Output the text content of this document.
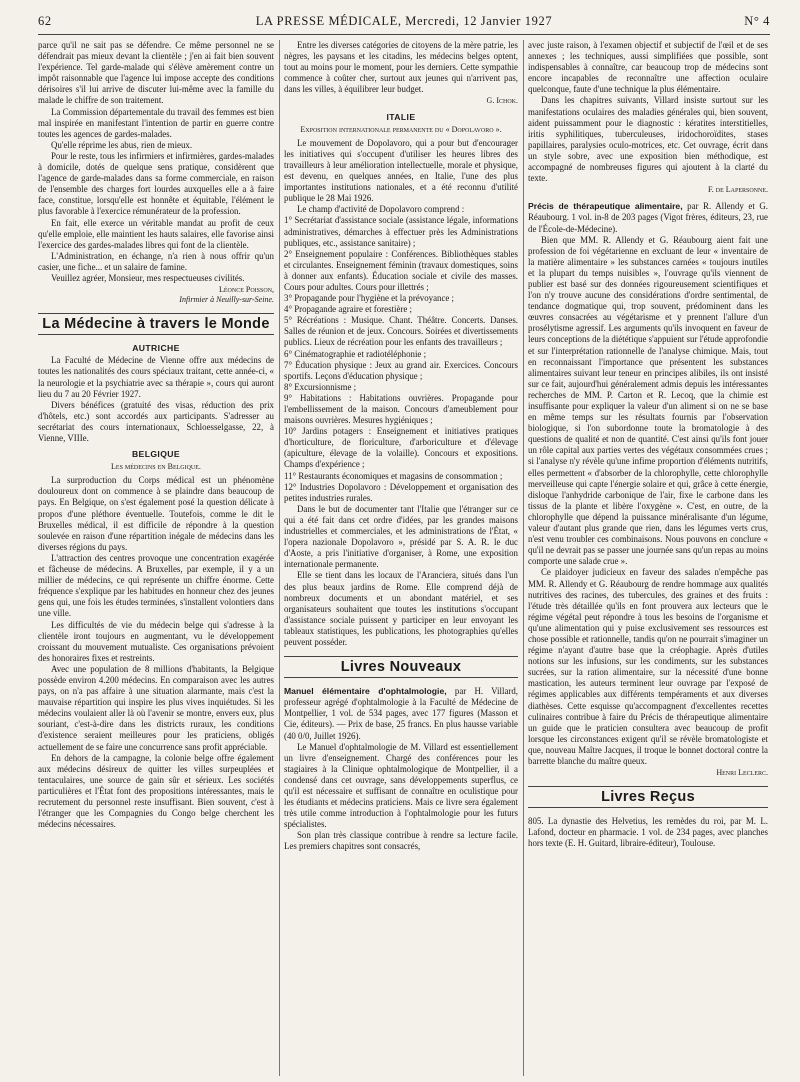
62	LA PRESSE MÉDICALE, Mercredi, 12 Janvier 1927	N° 4

parce qu'il ne sait pas se défendre. Ce même personnel ne se défendrait pas mieux devant la clientèle ; j'en ai fait bien souvent l'expérience. Tel garde-malade qui s'élève amèrement contre un impôt raisonnable que l'agence lui impose accepte des conditions dérisoires s'il lui arrive de discuter lui-même avec la famille du malade le chiffre de son traitement.

La Commission départementale du travail des femmes est bien mal inspirée en manifestant l'intention de partir en guerre contre toutes les agences de gardes-malades.

Qu'elle réprime les abus, rien de mieux.

Pour le reste, tous les infirmiers et infirmières, gardes-malades à domicile, dotés de quelque sens pratique, considèrent que l'agence de garde-malades dans sa forme commerciale, en raison de l'ensemble des charges fort lourdes auxquelles elle a à faire face, constitue, lorsqu'elle est honnête et équitable, l'élément le plus favorable à l'exercice rémunérateur de la profession.

En fait, elle exerce un véritable mandat au profit de ceux qu'elle emploie, elle maintient les hauts salaires, elle favorise ainsi l'exercice des gardes-malades libres qui font de la clientèle.

L'Administration, en échange, n'a rien à nous offrir qu'un casier, une fiche... et un salaire de famine.

Veuillez agréer, Monsieur, mes respectueuses civilités.

Léonce Poisson,

Infirmier à Neuilly-sur-Seine.

La Médecine à travers le Monde
AUTRICHE

La Faculté de Médecine de Vienne offre aux médecins de toutes les nationalités des cours spéciaux traitant, cette année-ci, « la neurologie et la psychiatrie avec sa thérapie », cours qui auront lieu du 7 au 20 Février 1927.

Divers bénéfices (gratuité des visas, réduction des prix d'hôtels, etc.) sont accordés aux participants. S'adresser au secrétariat des cours internationaux, Schloesselgasse, 22, à Vienne, VIIIe.

BELGIQUE

Les médecins en Belgique.

La surproduction du Corps médical est un phénomène douloureux dont on commence à se plaindre dans beaucoup de pays. En Belgique, on s'est également posé la question délicate à propos d'une pléthore éventuelle. Toutefois, comme le dit le Bruxelles médical, il est difficile de répondre à la question soulevée en raison d'une répartition inégale de médecins dans les diverses régions du pays.

L'attraction des centres provoque une concentration exagérée et fâcheuse de médecins. A Bruxelles, par exemple, il y a un millier de médecins, ce qui représente un chiffre énorme. Cette fréquence s'explique par les habitudes en honneur chez des jeunes gens qui, une fois les études terminées, s'installent volontiers dans une ville.

Les difficultés de vie du médecin belge qui s'adresse à la clientèle iront toujours en augmentant, vu le développement croissant du mouvement mutualiste. Ces organisations prévoient des honoraires fixes et restreints.

Avec une population de 8 millions d'habitants, la Belgique possède environ 4.200 médecins. En comparaison avec les autres pays, on n'a pas affaire à une situation alarmante, mais c'est la mauvaise répartition qui inspire les plus vives inquiétudes. Si les médecins voulaient aller là où l'avenir se montre, envers eux, plus souriant, c'est-à-dire dans les districts ruraux, les conditions d'existence seraient meilleures pour les praticiens, obligés actuellement de se faire une concurrence sans profit appréciable.

En dehors de la campagne, la colonie belge offre également aux médecins désireux de quitter les villes surpeuplées et tentaculaires, une source de gain sûr et sérieux. Les sociétés particulières et l'État font des propositions intéressantes, mais le recrutement du personnel reste insuffisant. Bien souvent, c'est à l'étranger que les Compagnies du Congo belge cherchent les médecins nécessaires.

Entre les diverses catégories de citoyens de la mère patrie, les nègres, les paysans et les citadins, les médecins belges optent, tout au moins pour le moment, pour les derniers. Cette sympathie commence à coûter cher, surtout aux jeunes qui n'arrivent pas, dans les villes, à équilibrer leur budget.

G. Ichok.

ITALIE

Exposition internationale permanente du « Dopolavoro ».

Le mouvement de Dopolavoro, qui a pour but d'encourager les initiatives qui s'occupent d'utiliser les heures libres des travailleurs à leur amélioration intellectuelle, morale et physique, est devenu, en quelques années, en Italie, l'une des plus importantes institutions nationales, et a été reconnu d'utilité publique le 28 Mai 1926.

Le champ d'activité de Dopolavoro comprend :

1° Secrétariat d'assistance sociale (assistance légale, informations administratives, démarches à effectuer près les Administrations publiques, etc., assistance sanitaire) ;

2° Enseignement populaire : Conférences. Bibliothèques stables et circulantes. Enseignement féminin (travaux domestiques, soins à donner aux enfants). Éducation sociale et civile des masses. Cours pour adultes. Cours pour illettrés ;

3° Propagande pour l'hygiène et la prévoyance ;

4° Propagande agraire et forestière ;

5° Récréations : Musique. Chant. Théâtre. Concerts. Danses. Salles de réunion et de jeux. Concours. Soirées et divertissements publics. Lieux de récréation pour les enfants des travailleurs ;

6° Cinématographie et radiotéléphonie ;

7° Éducation physique : Jeux au grand air. Exercices. Concours sportifs. Leçons d'éducation physique ;

8° Excursionnisme ;

9° Habitations : Habitations ouvrières. Propagande pour l'embellissement de la maison. Concours d'ameublement pour maisons ouvrières. Mesures hygiéniques ;

10° Jardins potagers : Enseignement et initiatives pratiques d'horticulture, de floriculture, d'arboriculture et d'élevage (apiculture, élevage de la volaille). Concours et expositions. Champs d'expérience ;

11° Restaurants économiques et magasins de consommation ;

12° Industries Dopolavoro : Développement et organisation des petites industries rurales.

Dans le but de documenter tant l'Italie que l'étranger sur ce qui a été fait dans cet ordre d'idées, par les grandes maisons industrielles et commerciales, et les administrations de l'État, « l'opera nazionale Dopolavoro », présidé par S. A. R. le duc d'Aoste, a pris l'initiative d'organiser, à Rome, une exposition internationale permanente.

Elle se tient dans les locaux de l'Aranciera, situés dans l'un des plus beaux jardins de Rome. Elle comprend déjà de nombreux documents et un abondant matériel, et ses organisateurs souhaitent que toutes les institutions s'occupant d'assistance sociale puissent y participer en leur envoyant les tableaux statistiques, les publications, les photographies qu'elles peuvent posséder.

Livres Nouveaux

Manuel élémentaire d'ophtalmologie, par H. Villard, professeur agrégé d'ophtalmologie à la Faculté de Médecine de Montpellier, 1 vol. de 534 pages, avec 177 figures (Masson et Cie, éditeurs). — Prix de base, 25 francs. En plus hausse variable (40 0/0, Juillet 1926).

Le Manuel d'ophtalmologie de M. Villard est essentiellement un livre d'enseignement. Chargé des conférences pour les stagiaires à la Clinique ophtalmologique de Montpellier, il a condensé dans cet ouvrage, sans développements superflus, ce qu'il est nécessaire et suffisant de connaître en oculistique pour les étudiants et médecins praticiens. Mais ce livre sera également très utile comme introduction à l'ophtalmologie pour les futurs spécialistes.

Son plan très classique contribue à rendre sa lecture facile. Les premiers chapitres sont consacrés,

avec juste raison, à l'examen objectif et subjectif de l'œil et de ses annexes ; les techniques, aussi simplifiées que possible, sont indispensables à connaître, car beaucoup trop de médecins sont encore incapables de reconnaître une affection oculaire quelconque, faute d'une technique la plus élémentaire.

Dans les chapitres suivants, Villard insiste surtout sur les manifestations oculaires des maladies générales qui, bien souvent, aident puissamment pour le diagnostic : kératites interstitielles, iritis syphilitiques, tuberculeuses, iridochoroïdites, stases papillaires, paralysies oculo-motrices, etc. Cet ouvrage, écrit dans un style sobre, avec une exposition bien méthodique, est accompagné de nombreuses figures qui ajoutent à la clarté du texte.

F. de Lapersonne.

Précis de thérapeutique alimentaire, par R. Allendy et G. Réaubourg. 1 vol. in-8 de 203 pages (Vigot frères, éditeurs, 23, rue de l'École-de-Médecine).

Bien que MM. R. Allendy et G. Réaubourg aient fait une profession de foi végétarienne en excluant de leur « inventaire de la matière alimentaire » les substances carnées « toujours inutiles et la plupart du temps nuisibles », l'ouvrage qu'ils viennent de publier est basé sur des données rigoureusement scientifiques et l'on n'y trouve aucune des considérations d'ordre sentimental, de tendance dogmatique qui, trop souvent, prédominent dans les œuvres consacrées au végétarisme et y prennent l'allure d'un prosélytisme agressif. Les arguments qu'ils invoquent en faveur de leurs conceptions de la diététique s'appuient sur l'étude approfondie et sur l'interprétation rationnelle de l'analyse chimique. Mais, tout en reconnaissant l'importance que présentent les substances alimentaires suivant leur teneur en principes alibiles, ils ont insisté sur ce fait, aujourd'hui généralement admis depuis les intéressantes recherches de MM. P. Carton et R. Lecoq, que la chimie est insuffisante pour expliquer la valeur d'un aliment si on ne se base en même temps sur les résultats fournis par l'observation biologique, si l'on subordonne toute la bromatologie à des questions de qualité et non de quantité. C'est ainsi qu'ils font jouer un rôle capital aux parties vertes des végétaux consommées crues ; si l'analyse n'y révèle qu'une infime proportion d'éléments nutritifs, elles permettent « d'absorber de la chlorophylle, cette chlorophylle merveilleuse qui capte l'énergie solaire et qui, grâce à cette énergie, disloque l'anhydride carbonique de l'air, fixe le carbone dans les tissus de la plante et libère l'oxygène ». C'est, en outre, de la chlorophylle que dépend la puissance minéralisante d'un légume, valeur d'autant plus grande que rien, dans les légumes verts crus, n'est venu troubler ces combinaisons. Nous pouvons en conclure « qu'il ne devrait pas se passer une journée sans qu'un repas au moins comporte une salade crue ».

Ce plaidoyer judicieux en faveur des salades n'empêche pas MM. R. Allendy et G. Réaubourg de rendre hommage aux qualités nutritives des racines, des tubercules, des graines et des fruits : l'étude très détaillée qu'ils en font prouvera aux lecteurs que le régime végétal peut répondre à tous les besoins de l'organisme et qu'une alimentation qui y puise exclusivement ses ressources est chose possible et rationnelle, tandis qu'on ne pourrait s'imaginer un régime n'ayant d'autre base que la créophagie. Après d'utiles notions sur les infusions, sur les condiments, sur les substances sucrées, sur la ration alimentaire, sur la nécessité d'une bonne mastication, les auteurs terminent leur ouvrage par l'exposé de régimes applicables aux différents tempéraments et aux diverses diathèses. Cette esquisse qu'accompagnent d'excellentes recettes culinaires contribue à faire du Précis de thérapeutique alimentaire un guide que le praticien consultera avec beaucoup de profit lorsque les circonstances exigent qu'il se révèle bromatologiste et que, nouveau Maître Jacques, il troque le bonnet doctoral contre la barrette blanche du maître queux.

Henri Leclerc.

Livres Reçus

805. La dynastie des Helvetius, les remèdes du roi, par M. L. Lafond, docteur en pharmacie. 1 vol. de 234 pages, avec planches hors texte (E. H. Guitard, libraire-éditeur), Toulouse.
